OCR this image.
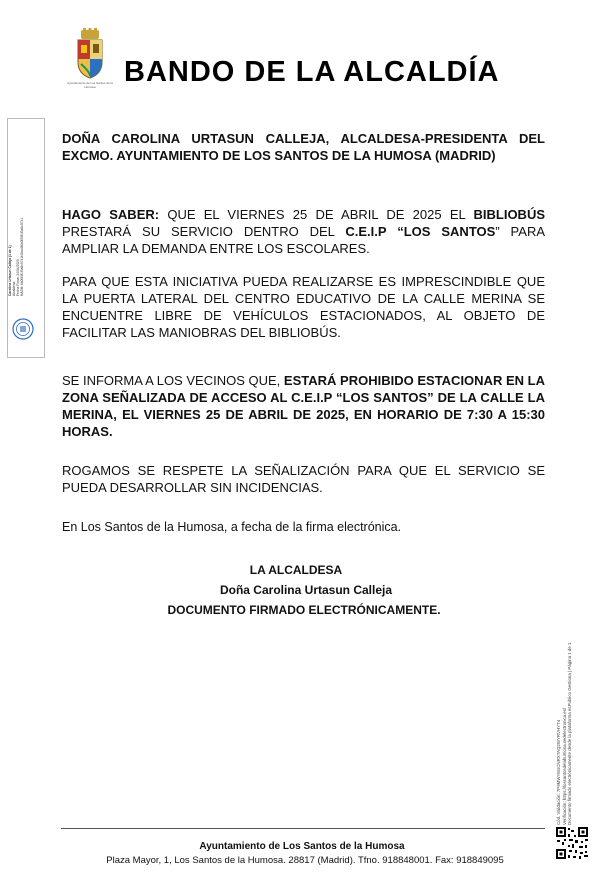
Ayuntamiento de Los Santos de la Humosa BANDO DE LA ALCALDÍA
Carolina Urtasun Calleja (1 de 1) Alcaldesa Fecha Firma: 24/04/2025 HASH: 6b0f35f1f3a5c9741f48cd4f6b0f35f1f3a5c9741
DOÑA CAROLINA URTASUN CALLEJA, ALCALDESA-PRESIDENTA DEL EXCMO. AYUNTAMIENTO DE LOS SANTOS DE LA HUMOSA (MADRID)
HAGO SABER: QUE EL VIERNES 25 DE ABRIL DE 2025 EL BIBLIOBÚS PRESTARÁ SU SERVICIO DENTRO DEL C.E.I.P “LOS SANTOS” PARA AMPLIAR LA DEMANDA ENTRE LOS ESCOLARES.
PARA QUE ESTA INICIATIVA PUEDA REALIZARSE ES IMPRESCINDIBLE QUE LA PUERTA LATERAL DEL CENTRO EDUCATIVO DE LA CALLE MERINA SE ENCUENTRE LIBRE DE VEHÍCULOS ESTACIONADOS, AL OBJETO DE FACILITAR LAS MANIOBRAS DEL BIBLIOBÚS.
SE INFORMA A LOS VECINOS QUE, ESTARÁ PROHIBIDO ESTACIONAR EN LA ZONA SEÑALIZADA DE ACCESO AL C.E.I.P “LOS SANTOS” DE LA CALLE LA MERINA, EL VIERNES 25 DE ABRIL DE 2025, EN HORARIO DE 7:30 A 15:30 HORAS.
ROGAMOS SE RESPETE LA SEÑALIZACIÓN PARA QUE EL SERVICIO SE PUEDA DESARROLLAR SIN INCIDENCIAS.
En Los Santos de la Humosa, a fecha de la firma electrónica.
LA ALCALDESA
Doña Carolina Urtasun Calleja
DOCUMENTO FIRMADO ELECTRÓNICAMENTE.
Cód. Validación: 7P9MWY8GCNRXTAQ2WYRVHYT4 Verificación: https://lossantosdelahumosa.sedelectronica.es/ Documento firmado electrónicamente desde la plataforma esPublico Gestiona | Página 1 de 1
Ayuntamiento de Los Santos de la Humosa
Plaza Mayor, 1, Los Santos de la Humosa. 28817 (Madrid). Tfno. 918848001. Fax: 918849095
